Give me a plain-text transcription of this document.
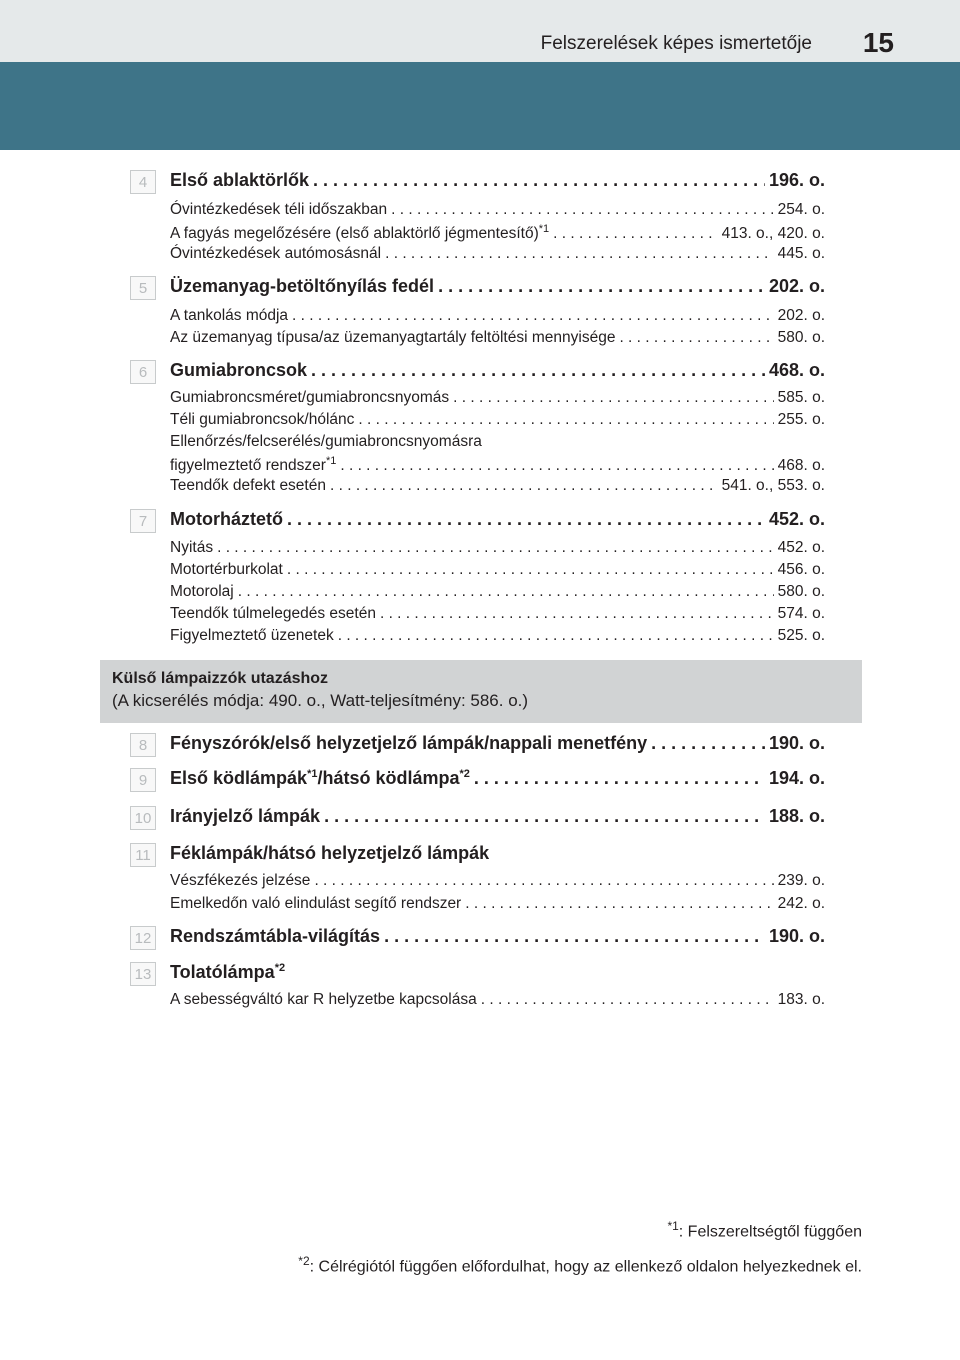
Felszerelések képes ismertetője 15
4	Első ablaktörlők . . .	196. o.
Óvintézkedések téli időszakban . . .	254. o.
A fagyás megelőzésére (első ablaktörlő jégmentesítő)$^{*1}$ . . .	413. o., 420. o.
Óvintézkedések autómosásnál . . .	445. o.
5	Üzemanyag-betöltőnyílás fedél . . .	202. o.
A tankolás módja . . .	202. o.
Az üzemanyag típusa/az üzemanyagtartály feltöltési mennyisége . . .	580. o.
6	Gumiabroncsok . . .	468. o.
Gumiabroncsméret/gumiabroncsnyomás . . .	585. o.
Téli gumiabroncsok/hólánc . . .	255. o.
Ellenőrzés/felcserélés/gumiabroncsnyomásra
figyelmeztető rendszer$^{*1}$ . . .	468. o.
Teendők defekt esetén . . .	541. o., 553. o.
7	Motorháztető . . .	452. o.
Nyitás . . .	452. o.
Motortérburkolat . . .	456. o.
Motorolaj . . .	580. o.
Teendők túlmelegedés esetén . . .	574. o.
Figyelmeztető üzenetek . . .	525. o.
Külső lámpaizzók utazáshoz
(A kicserélés módja: 490. o., Watt-teljesítmény: 586. o.)
8	Fényszórók/első helyzetjelző lámpák/nappali menetfény . . .	190. o.
9	Első ködlámpák$^{*1}$/hátsó ködlámpa$^{*2}$ . . .	194. o.
10 Irányjelző lámpák . . .	188. o.
11 Féklámpák/hátsó helyzetjelző lámpák
Vészfékezés jelzése . . .	239. o.
Emelkedőn való elindulást segítő rendszer . . .	242. o.
12 Rendszámtábla-világítás . . .	190. o.
13 Tolatólámpa$^{*2}$
A sebességváltó kar R helyzetbe kapcsolása . . .	183. o.
$^{*1}$: Felszereltségtől függően
$^{*2}$: Célrégiótól függően előfordulhat, hogy az ellenkező oldalon helyezkednek el.
